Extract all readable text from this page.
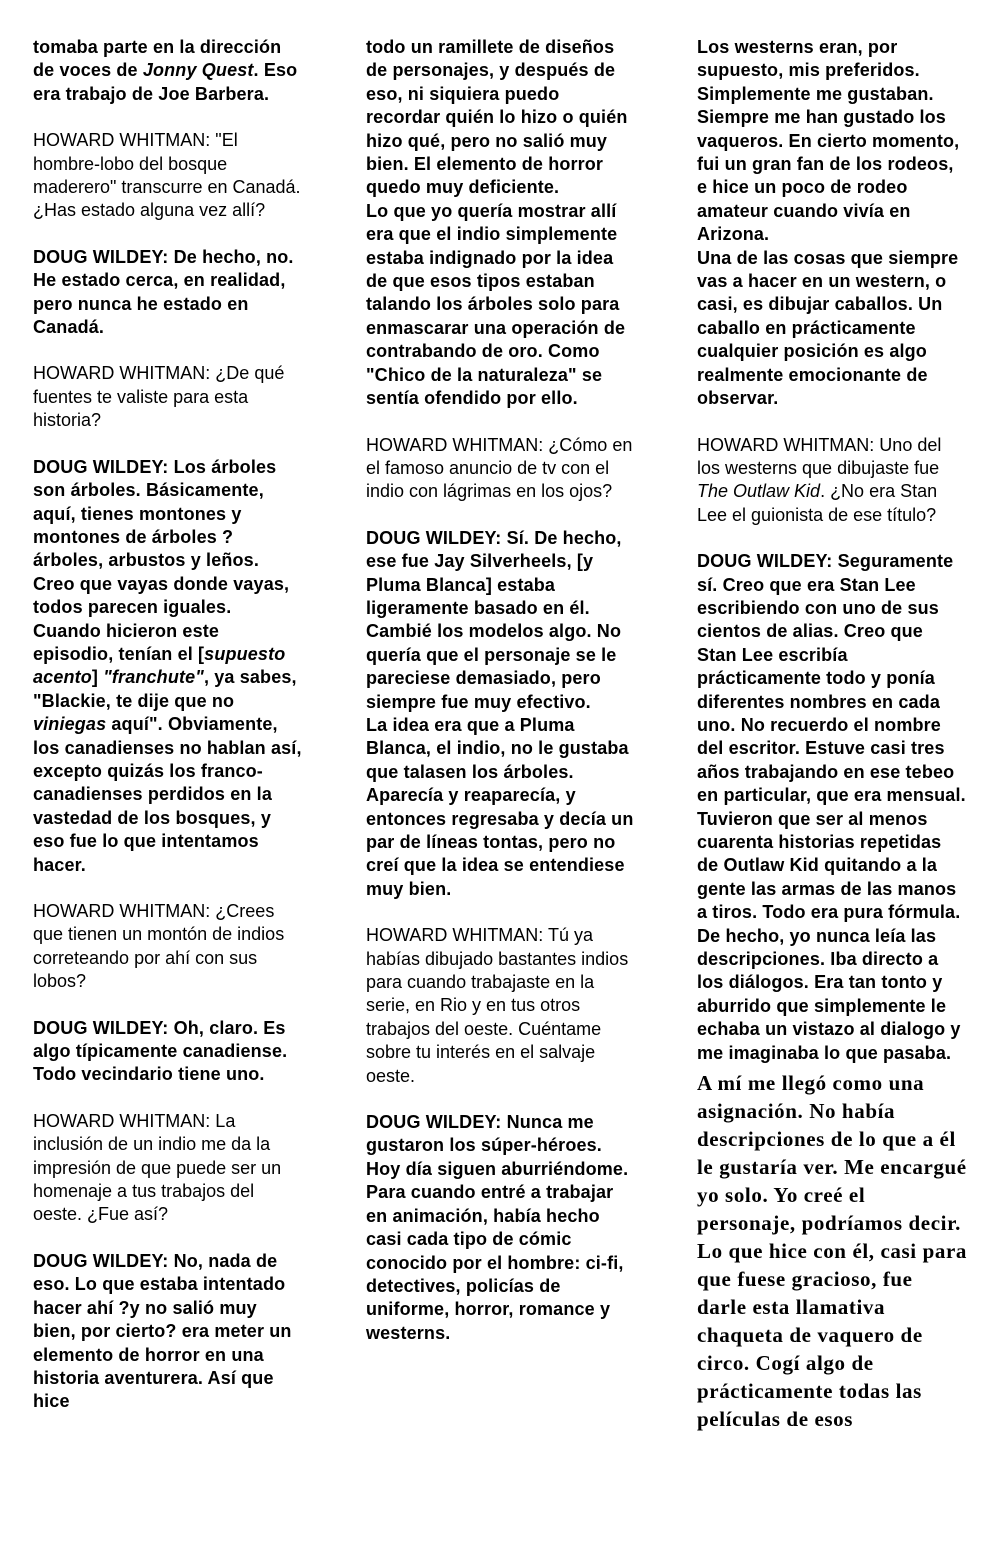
tomaba parte en la dirección de voces de Jonny Quest. Eso era trabajo de Joe Barbera.

HOWARD WHITMAN: "El hombre-lobo del bosque maderero" transcurre en Canadá. ¿Has estado alguna vez allí?

DOUG WILDEY: De hecho, no. He estado cerca, en realidad, pero nunca he estado en Canadá.

HOWARD WHITMAN: ¿De qué fuentes te valiste para esta historia?

DOUG WILDEY: Los árboles son árboles. Básicamente, aquí, tienes montones y montones de árboles ?árboles, arbustos y leños. Creo que vayas donde vayas, todos parecen iguales. Cuando hicieron este episodio, tenían el [supuesto acento] "franchute", ya sabes, "Blackie, te dije que no viniegas aquí". Obviamente, los canadienses no hablan así, excepto quizás los franco-canadienses perdidos en la vastedad de los bosques, y eso fue lo que intentamos hacer.

HOWARD WHITMAN: ¿Crees que tienen un montón de indios correteando por ahí con sus lobos?

DOUG WILDEY: Oh, claro. Es algo típicamente canadiense. Todo vecindario tiene uno.

HOWARD WHITMAN: La inclusión de un indio me da la impresión de que puede ser un homenaje a tus trabajos del oeste. ¿Fue así?

DOUG WILDEY: No, nada de eso. Lo que estaba intentado hacer ahí ?y no salió muy bien, por cierto? era meter un elemento de horror en una historia aventurera. Así que hice

todo un ramillete de diseños de personajes, y después de eso, ni siquiera puedo recordar quién lo hizo o quién hizo qué, pero no salió muy bien. El elemento de horror quedo muy deficiente.

Lo que yo quería mostrar allí era que el indio simplemente estaba indignado por la idea de que esos tipos estaban talando los árboles solo para enmascarar una operación de contrabando de oro. Como "Chico de la naturaleza" se sentía ofendido por ello.

HOWARD WHITMAN: ¿Cómo en el famoso anuncio de tv con el indio con lágrimas en los ojos?

DOUG WILDEY: Sí. De hecho, ese fue Jay Silverheels, [y Pluma Blanca] estaba ligeramente basado en él. Cambié los modelos algo. No quería que el personaje se le pareciese demasiado, pero siempre fue muy efectivo.

La idea era que a Pluma Blanca, el indio, no le gustaba que talasen los árboles. Aparecía y reaparecía, y entonces regresaba y decía un par de líneas tontas, pero no creí que la idea se entendiese muy bien.

HOWARD WHITMAN: Tú ya habías dibujado bastantes indios para cuando trabajaste en la serie, en Rio y en tus otros trabajos del oeste. Cuéntame sobre tu interés en el salvaje oeste.

DOUG WILDEY: Nunca me gustaron los súper-héroes. Hoy día siguen aburriéndome. Para cuando entré a trabajar en animación, había hecho casi cada tipo de cómic conocido por el hombre: ci-fi, detectives, policías de uniforme, horror, romance y westerns.

Los westerns eran, por supuesto, mis preferidos. Simplemente me gustaban. Siempre me han gustado los vaqueros. En cierto momento, fui un gran fan de los rodeos, e hice un poco de rodeo amateur cuando vivía en Arizona.

Una de las cosas que siempre vas a hacer en un western, o casi, es dibujar caballos. Un caballo en prácticamente cualquier posición es algo realmente emocionante de observar.

HOWARD WHITMAN: Uno del los westerns que dibujaste fue The Outlaw Kid. ¿No era Stan Lee el guionista de ese título?

DOUG WILDEY: Seguramente sí. Creo que era Stan Lee escribiendo con uno de sus cientos de alias. Creo que Stan Lee escribía prácticamente todo y ponía diferentes nombres en cada uno. No recuerdo el nombre del escritor. Estuve casi tres años trabajando en ese tebeo en particular, que era mensual. Tuvieron que ser al menos cuarenta historias repetidas de Outlaw Kid quitando a la gente las armas de las manos a tiros. Todo era pura fórmula. De hecho, yo nunca leía las descripciones. Iba directo a los diálogos. Era tan tonto y aburrido que simplemente le echaba un vistazo al dialogo y me imaginaba lo que pasaba.

A mí me llegó como una asignación. No había descripciones de lo que a él le gustaría ver. Me encargué yo solo. Yo creé el personaje, podríamos decir. Lo que hice con él, casi para que fuese gracioso, fue darle esta llamativa chaqueta de vaquero de circo. Cogí algo de prácticamente todas las películas de esos
